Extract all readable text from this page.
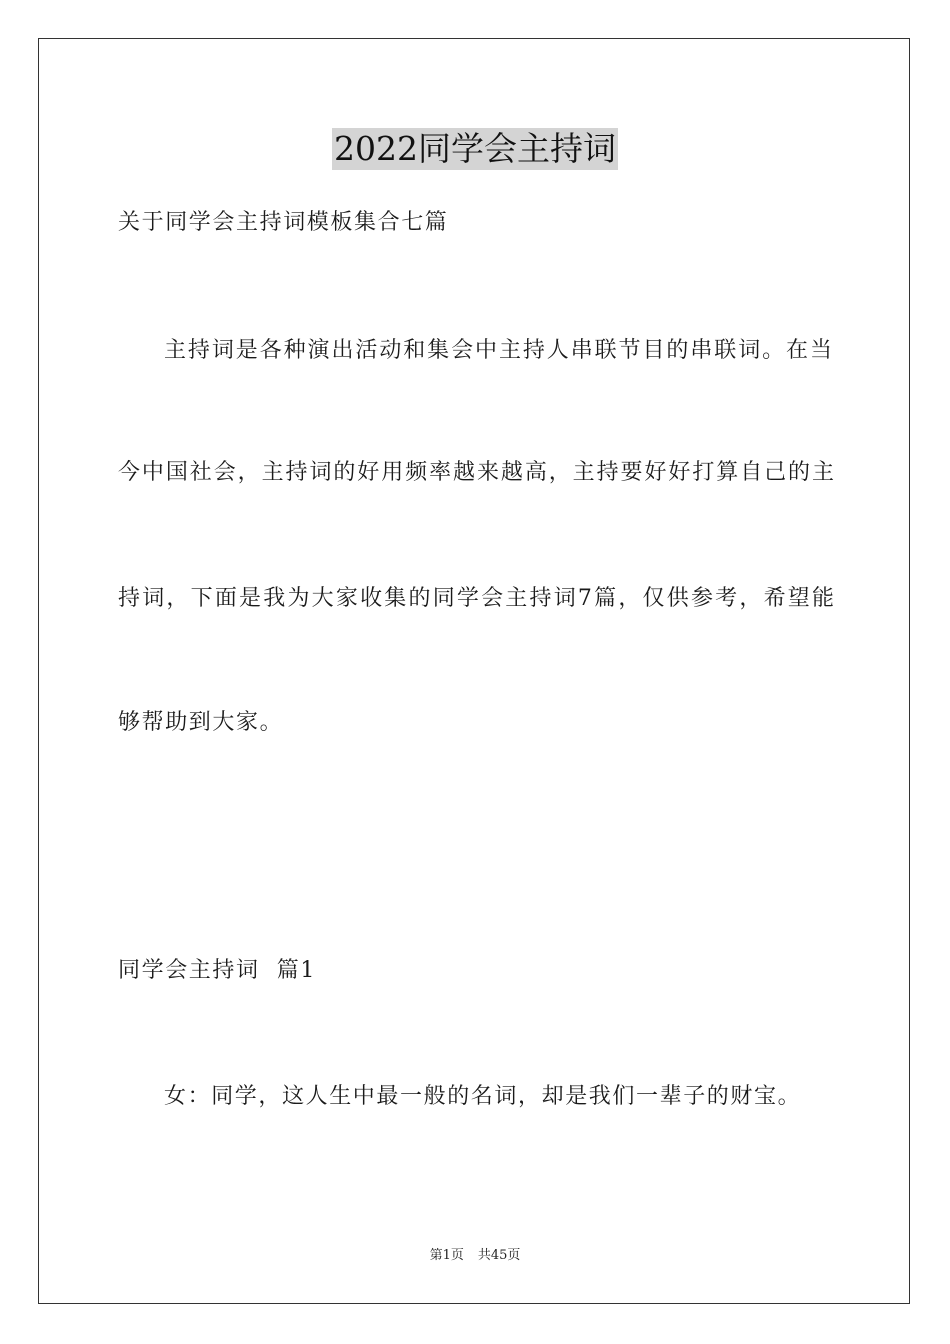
2022同学会主持词
关于同学会主持词模板集合七篇
主持词是各种演出活动和集会中主持人串联节目的串联词。在当
今中国社会，主持词的好用频率越来越高，主持要好好打算自己的主
持词，下面是我为大家收集的同学会主持词7篇，仅供参考，希望能
够帮助到大家。
同学会主持词  篇1
女：同学，这人生中最一般的名词，却是我们一辈子的财宝。
第1页 共45页
